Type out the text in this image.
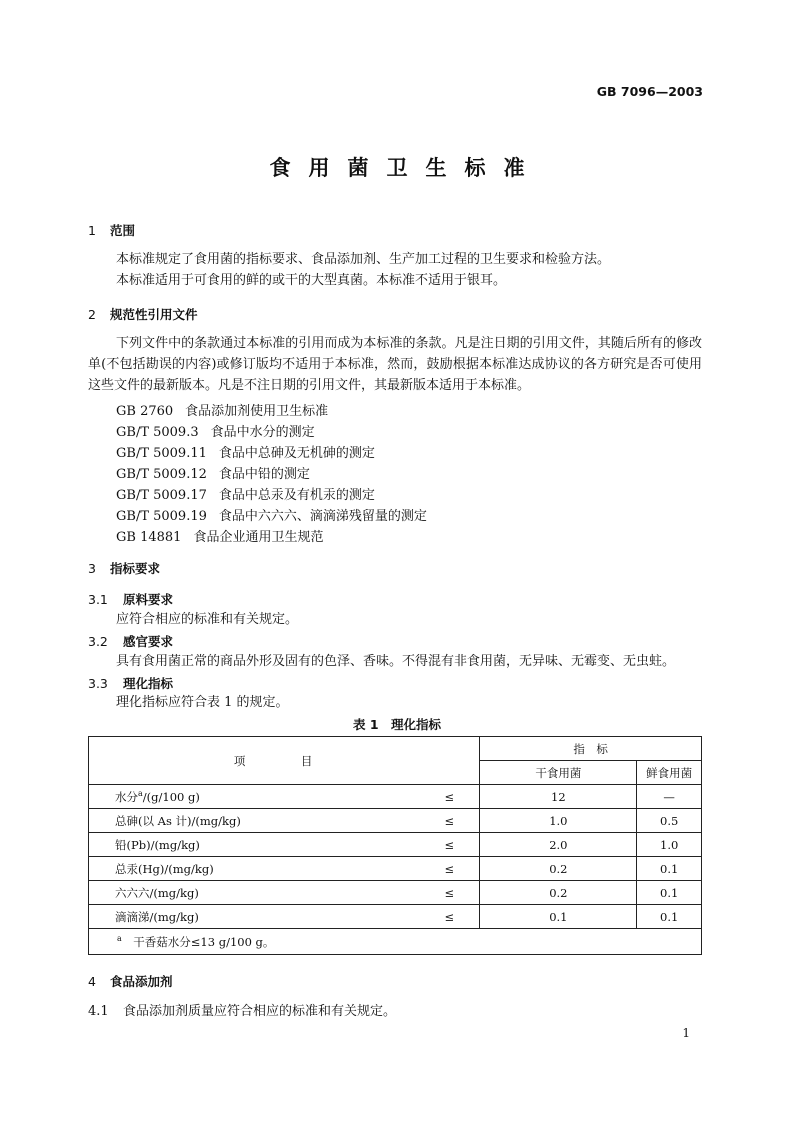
GB 7096—2003
食用菌卫生标准
1 范围
本标准规定了食用菌的指标要求、食品添加剂、生产加工过程的卫生要求和检验方法。
本标准适用于可食用的鲜的或干的大型真菌。本标准不适用于银耳。
2 规范性引用文件
下列文件中的条款通过本标准的引用而成为本标准的条款。凡是注日期的引用文件，其随后所有的修改单(不包括勘误的内容)或修订版均不适用于本标准，然而，鼓励根据本标准达成协议的各方研究是否可使用这些文件的最新版本。凡是不注日期的引用文件，其最新版本适用于本标准。
GB 2760 食品添加剂使用卫生标准
GB/T 5009.3 食品中水分的测定
GB/T 5009.11 食品中总砷及无机砷的测定
GB/T 5009.12 食品中铅的测定
GB/T 5009.17 食品中总汞及有机汞的测定
GB/T 5009.19 食品中六六六、滴滴涕残留量的测定
GB 14881 食品企业通用卫生规范
3 指标要求
3.1 原料要求
应符合相应的标准和有关规定。
3.2 感官要求
具有食用菌正常的商品外形及固有的色泽、香味。不得混有非食用菌，无异味、无霉变、无虫蛀。
3.3 理化指标
理化指标应符合表 1 的规定。
表 1　理化指标
项　目		指　标	
		干食用菌	鲜食用菌
水分$^a$/(g/100 g)	≤	12	—
总砷(以 As 计)/(mg/kg)	≤	1.0	0.5
铅(Pb)/(mg/kg)	≤	2.0	1.0
总汞(Hg)/(mg/kg)	≤	0.2	0.1
六六六/(mg/kg)	≤	0.2	0.1
滴滴涕/(mg/kg)	≤	0.1	0.1
$^a$　 干香菇水分≤13 g/100 g。			
4 食品添加剂
4.1 食品添加剂质量应符合相应的标准和有关规定。
1
